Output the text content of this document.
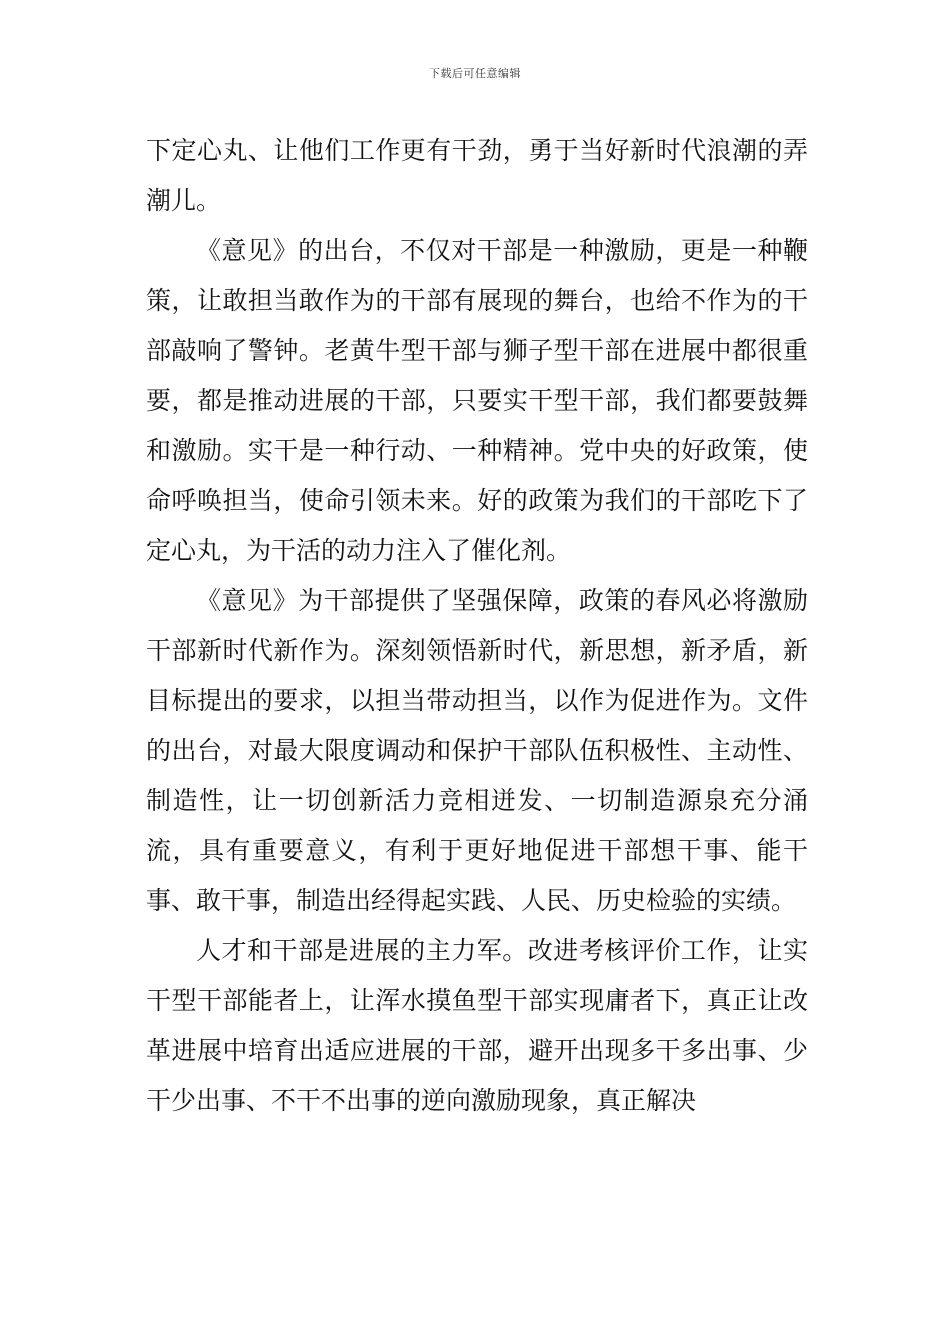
下载后可任意编辑

下定心丸、让他们工作更有干劲，勇于当好新时代浪潮的弄潮儿。

《意见》的出台，不仅对干部是一种激励，更是一种鞭策，让敢担当敢作为的干部有展现的舞台，也给不作为的干部敲响了警钟。老黄牛型干部与狮子型干部在进展中都很重要，都是推动进展的干部，只要实干型干部，我们都要鼓舞和激励。实干是一种行动、一种精神。党中央的好政策，使命呼唤担当，使命引领未来。好的政策为我们的干部吃下了定心丸，为干活的动力注入了催化剂。

《意见》为干部提供了坚强保障，政策的春风必将激励干部新时代新作为。深刻领悟新时代，新思想，新矛盾，新目标提出的要求，以担当带动担当，以作为促进作为。文件的出台，对最大限度调动和保护干部队伍积极性、主动性、制造性，让一切创新活力竞相迸发、一切制造源泉充分涌流，具有重要意义，有利于更好地促进干部想干事、能干事、敢干事，制造出经得起实践、人民、历史检验的实绩。

人才和干部是进展的主力军。改进考核评价工作，让实干型干部能者上，让浑水摸鱼型干部实现庸者下，真正让改革进展中培育出适应进展的干部，避开出现多干多出事、少干少出事、不干不出事的逆向激励现象，真正解决
